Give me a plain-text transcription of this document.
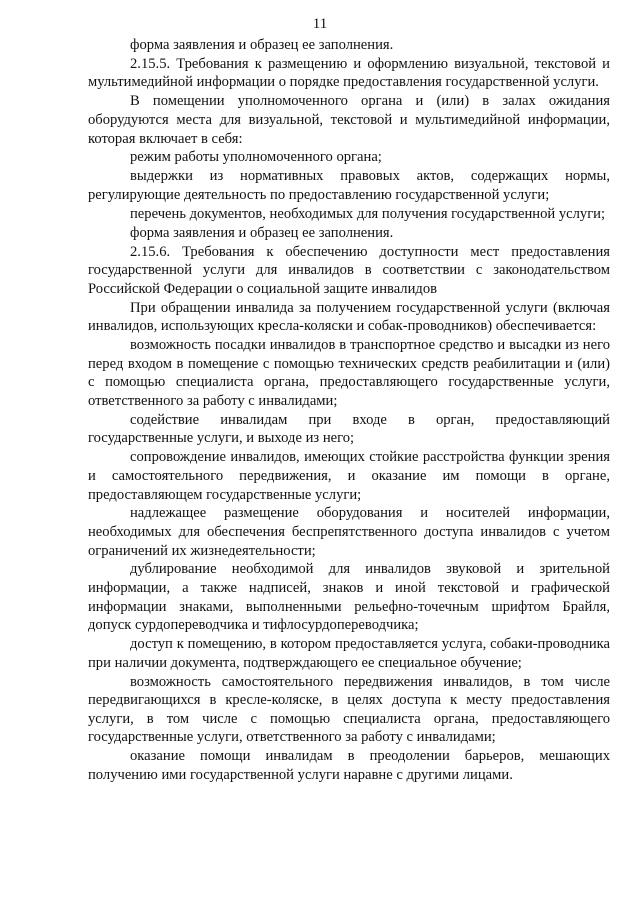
11

форма заявления и образец ее заполнения.

2.15.5. Требования к размещению и оформлению визуальной, текстовой и мультимедийной информации о порядке предоставления государственной услуги.

В помещении уполномоченного органа и (или) в залах ожидания оборудуются места для визуальной, текстовой и мультимедийной информации, которая включает в себя:

режим работы уполномоченного органа;

выдержки из нормативных правовых актов, содержащих нормы, регулирующие деятельность по предоставлению государственной услуги;

перечень документов, необходимых для получения государственной услуги;

форма заявления и образец ее заполнения.

2.15.6. Требования к обеспечению доступности мест предоставления государственной услуги для инвалидов в соответствии с законодательством Российской Федерации о социальной защите инвалидов

При обращении инвалида за получением государственной услуги (включая инвалидов, использующих кресла-коляски и собак-проводников) обеспечивается:

возможность посадки инвалидов в транспортное средство и высадки из него перед входом в помещение с помощью технических средств реабилитации и (или) с помощью специалиста органа, предоставляющего государственные услуги, ответственного за работу с инвалидами;

содействие инвалидам при входе в орган, предоставляющий государственные услуги, и выходе из него;

сопровождение инвалидов, имеющих стойкие расстройства функции зрения и самостоятельного передвижения, и оказание им помощи в органе, предоставляющем государственные услуги;

надлежащее размещение оборудования и носителей информации, необходимых для обеспечения беспрепятственного доступа инвалидов с учетом ограничений их жизнедеятельности;

дублирование необходимой для инвалидов звуковой и зрительной информации, а также надписей, знаков и иной текстовой и графической информации знаками, выполненными рельефно-точечным шрифтом Брайля, допуск сурдопереводчика и тифлосурдопереводчика;

доступ к помещению, в котором предоставляется услуга, собаки-проводника при наличии документа, подтверждающего ее специальное обучение;

возможность самостоятельного передвижения инвалидов, в том числе передвигающихся в кресле-коляске, в целях доступа к месту предоставления услуги, в том числе с помощью специалиста органа, предоставляющего государственные услуги, ответственного за работу с инвалидами;

оказание помощи инвалидам в преодолении барьеров, мешающих получению ими государственной услуги наравне с другими лицами.
